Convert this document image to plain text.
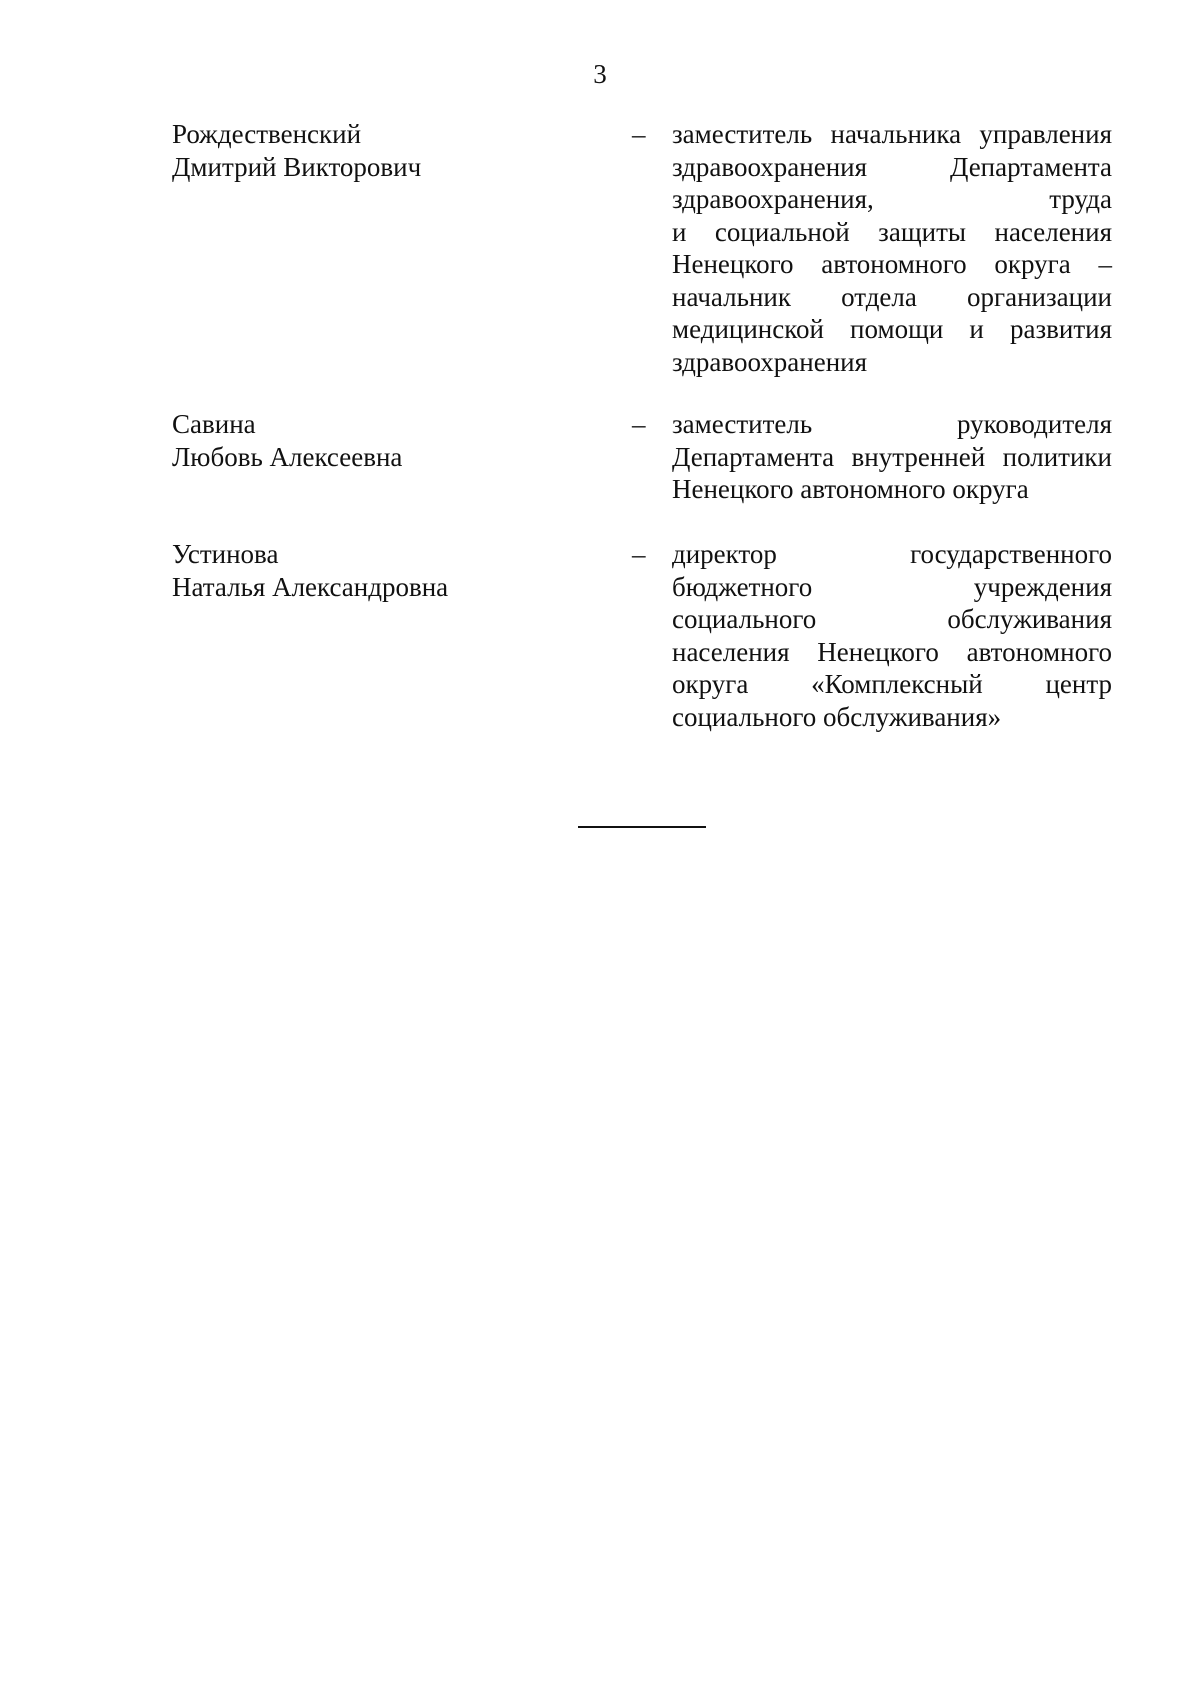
3
Рождественский
Дмитрий Викторович
– заместитель начальника управления
здравоохранения Департамента
здравоохранения, труда
и социальной защиты населения
Ненецкого автономного округа –
начальник отдела организации
медицинской помощи и развития
здравоохранения
Савина
Любовь Алексеевна
– заместитель руководителя
Департамента внутренней политики
Ненецкого автономного округа
Устинова
Наталья Александровна
– директор государственного
бюджетного учреждения
социального обслуживания
населения Ненецкого автономного
округа «Комплексный центр
социального обслуживания»
